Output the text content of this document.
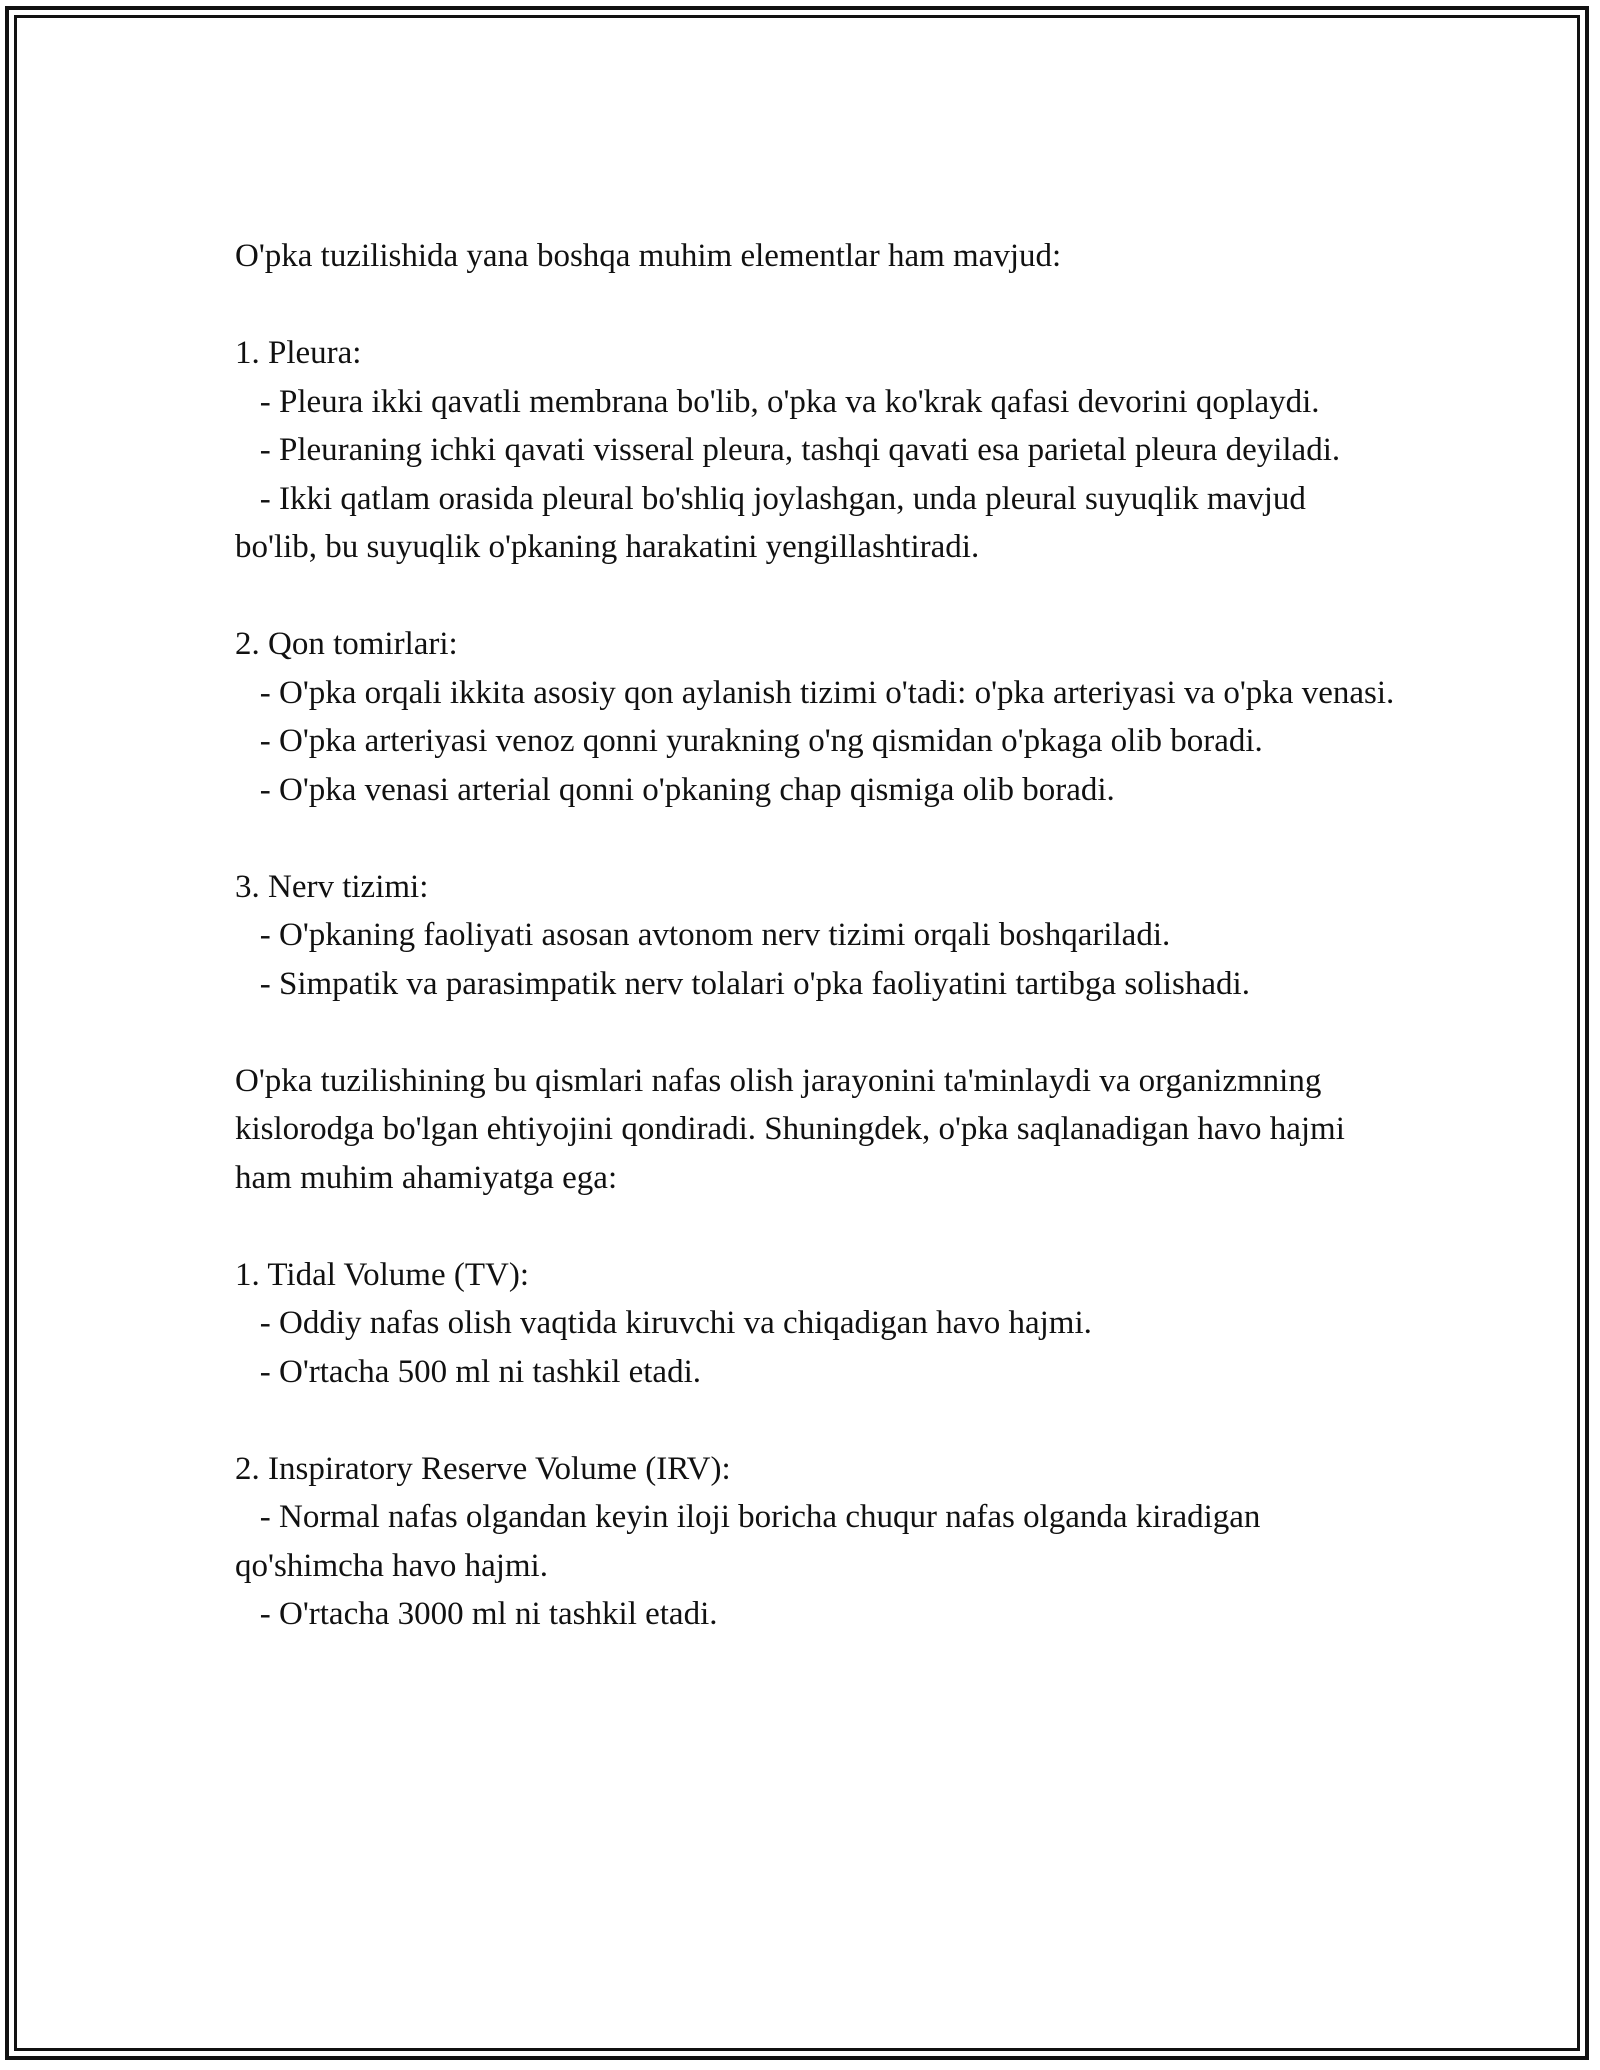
O'pka tuzilishida yana boshqa muhim elementlar ham mavjud:

1. Pleura:

- Pleura ikki qavatli membrana bo'lib, o'pka va ko'krak qafasi devorini qoplaydi.

- Pleuraning ichki qavati visseral pleura, tashqi qavati esa parietal pleura deyiladi.

- Ikki qatlam orasida pleural bo'shliq joylashgan, unda pleural suyuqlik mavjud bo'lib, bu suyuqlik o'pkaning harakatini yengillashtiradi.

2. Qon tomirlari:

- O'pka orqali ikkita asosiy qon aylanish tizimi o'tadi: o'pka arteriyasi va o'pka venasi.

- O'pka arteriyasi venoz qonni yurakning o'ng qismidan o'pkaga olib boradi.

- O'pka venasi arterial qonni o'pkaning chap qismiga olib boradi.

3. Nerv tizimi:

- O'pkaning faoliyati asosan avtonom nerv tizimi orqali boshqariladi.

- Simpatik va parasimpatik nerv tolalari o'pka faoliyatini tartibga solishadi.

O'pka tuzilishining bu qismlari nafas olish jarayonini ta'minlaydi va organizmning kislorodga bo'lgan ehtiyojini qondiradi. Shuningdek, o'pka saqlanadigan havo hajmi ham muhim ahamiyatga ega:

1. Tidal Volume (TV):

- Oddiy nafas olish vaqtida kiruvchi va chiqadigan havo hajmi.

- O'rtacha 500 ml ni tashkil etadi.

2. Inspiratory Reserve Volume (IRV):

- Normal nafas olgandan keyin iloji boricha chuqur nafas olganda kiradigan qo'shimcha havo hajmi.

- O'rtacha 3000 ml ni tashkil etadi.
